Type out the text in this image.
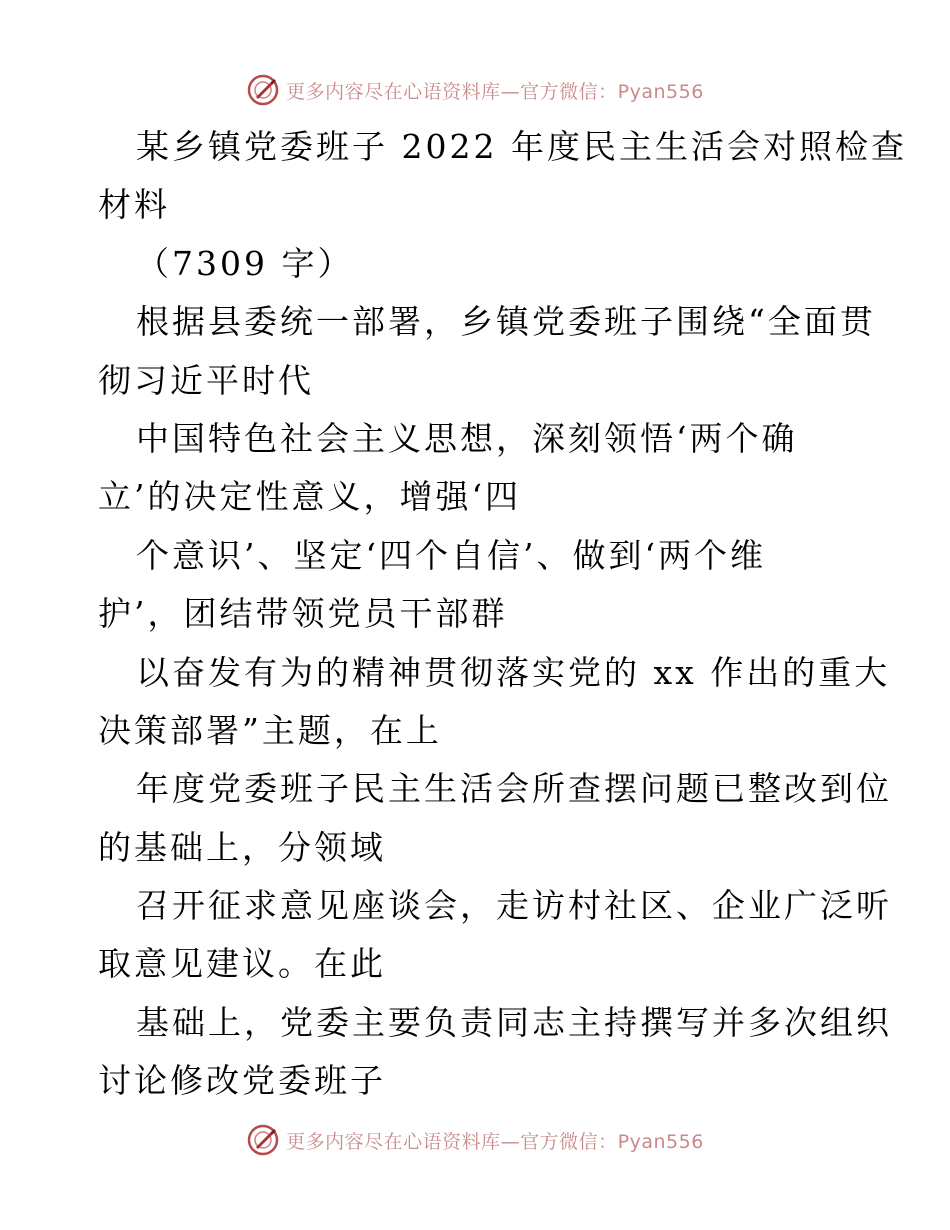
更多内容尽在心语资料库—官方微信：Pyan556
某乡镇党委班子 2022 年度民主生活会对照检查
材料
（7309 字）
根据县委统一部署，乡镇党委班子围绕“全面贯
彻习近平时代
中国特色社会主义思想，深刻领悟‘两个确
立’的决定性意义，增强‘四
个意识’、坚定‘四个自信’、做到‘两个维
护’，团结带领党员干部群
以奋发有为的精神贯彻落实党的 xx 作出的重大
决策部署”主题，在上
年度党委班子民主生活会所查摆问题已整改到位
的基础上，分领域
召开征求意见座谈会，走访村社区、企业广泛听
取意见建议。在此
基础上，党委主要负责同志主持撰写并多次组织
讨论修改党委班子
更多内容尽在心语资料库—官方微信：Pyan556
